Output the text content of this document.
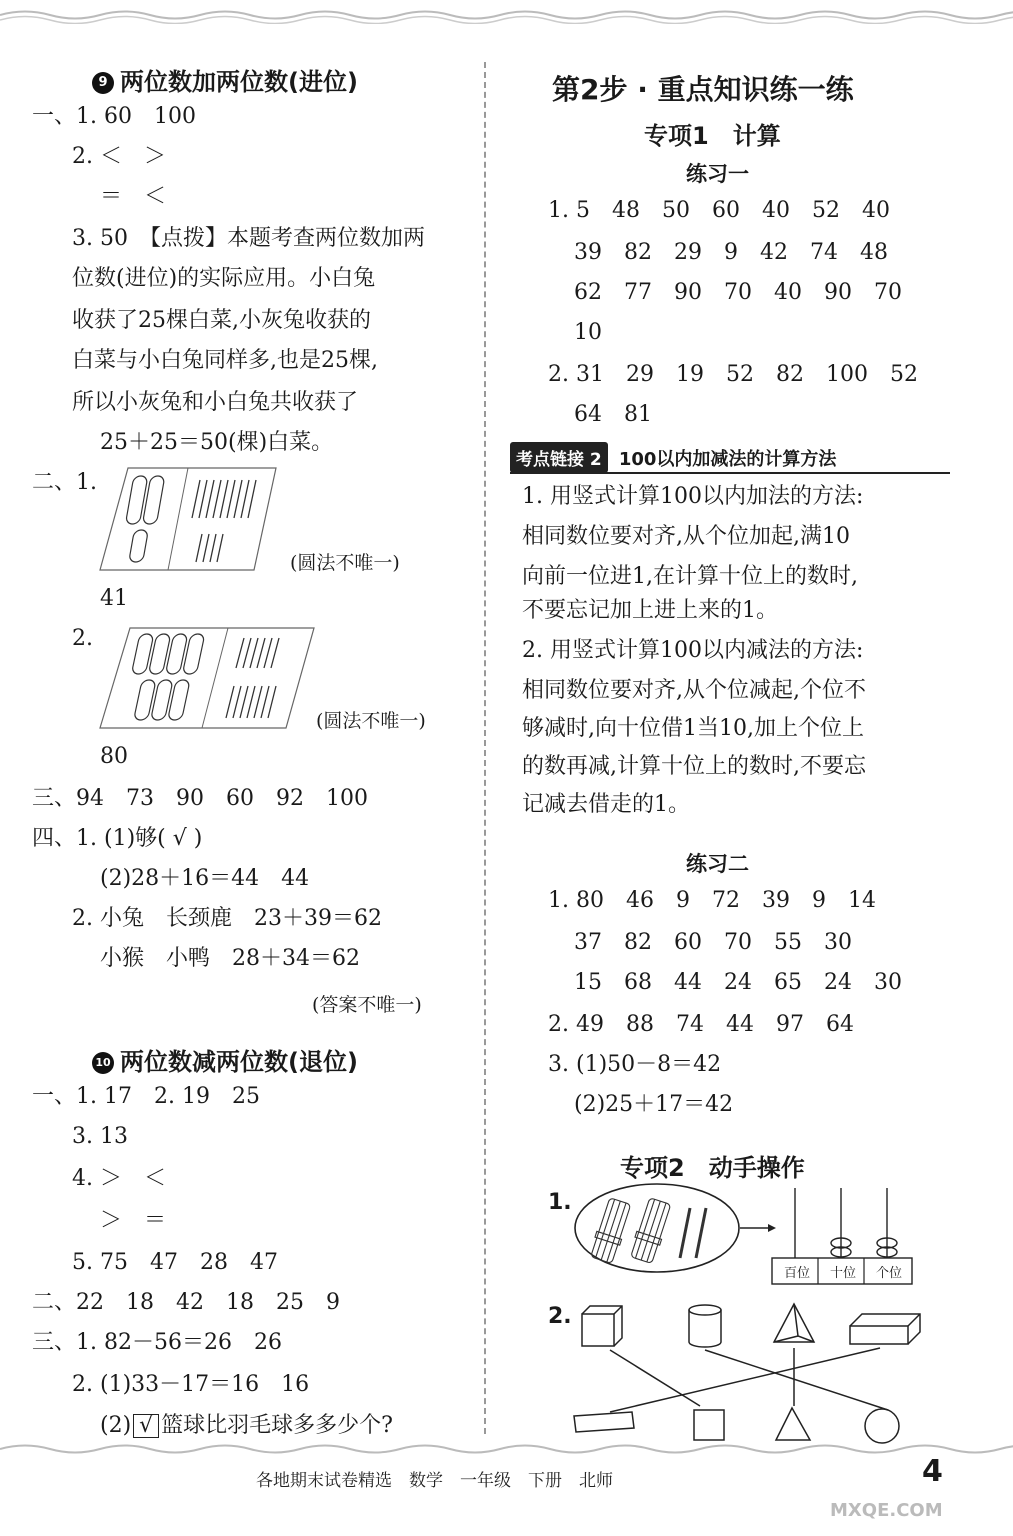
9 两位数加两位数(进位)
一、1. 60　100
2. ＜　＞
＝　＜
3. 50　【点拨】本题考查两位数加两
位数(进位)的实际应用。小白兔
收获了25棵白菜,小灰兔收获的
白菜与小白兔同样多,也是25棵,
所以小灰兔和小白兔共收获了
25＋25＝50(棵)白菜。
二、1.
(圆法不唯一)
41
2.
(圆法不唯一)
80
三、94　73　90　60　92　100
四、1. (1)够( √ )
(2)28＋16＝44　44
2. 小兔　长颈鹿　23＋39＝62
小猴　小鸭　28＋34＝62
(答案不唯一)
10 两位数减两位数(退位)
一、1. 17　2. 19　25
3. 13
4. ＞　＜
＞　＝
5. 75　47　28　47
二、22　18　42　18　25　9
三、1. 82－56＝26　26
2. (1)33－17＝16　16
(2) √ 篮球比羽毛球多多少个?
第2步 · 重点知识练一练
专项1　计算
练习一
1. 5　48　50　60　40　52　40
39　82　29　9　42　74　48
62　77　90　70　40　90　70
10
2. 31　29　19　52　82　100　52
64　81
考点链接 2 100以内加减法的计算方法
1. 用竖式计算100以内加法的方法:
相同数位要对齐,从个位加起,满10
向前一位进1,在计算十位上的数时,
不要忘记加上进上来的1。
2. 用竖式计算100以内减法的方法:
相同数位要对齐,从个位减起,个位不
够减时,向十位借1当10,加上个位上
的数再减,计算十位上的数时,不要忘
记减去借走的1。
练习二
1. 80　46　9　72　39　9　14
37　82　60　70　55　30
15　68　44　24　65　24　30
2. 49　88　74　44　97　64
3. (1)50－8＝42
(2)25＋17＝42
专项2　动手操作
1.
百位	十位	个位
2.
各地期末试卷精选　数学　一年级　下册　北师	4
MXQE.COM
